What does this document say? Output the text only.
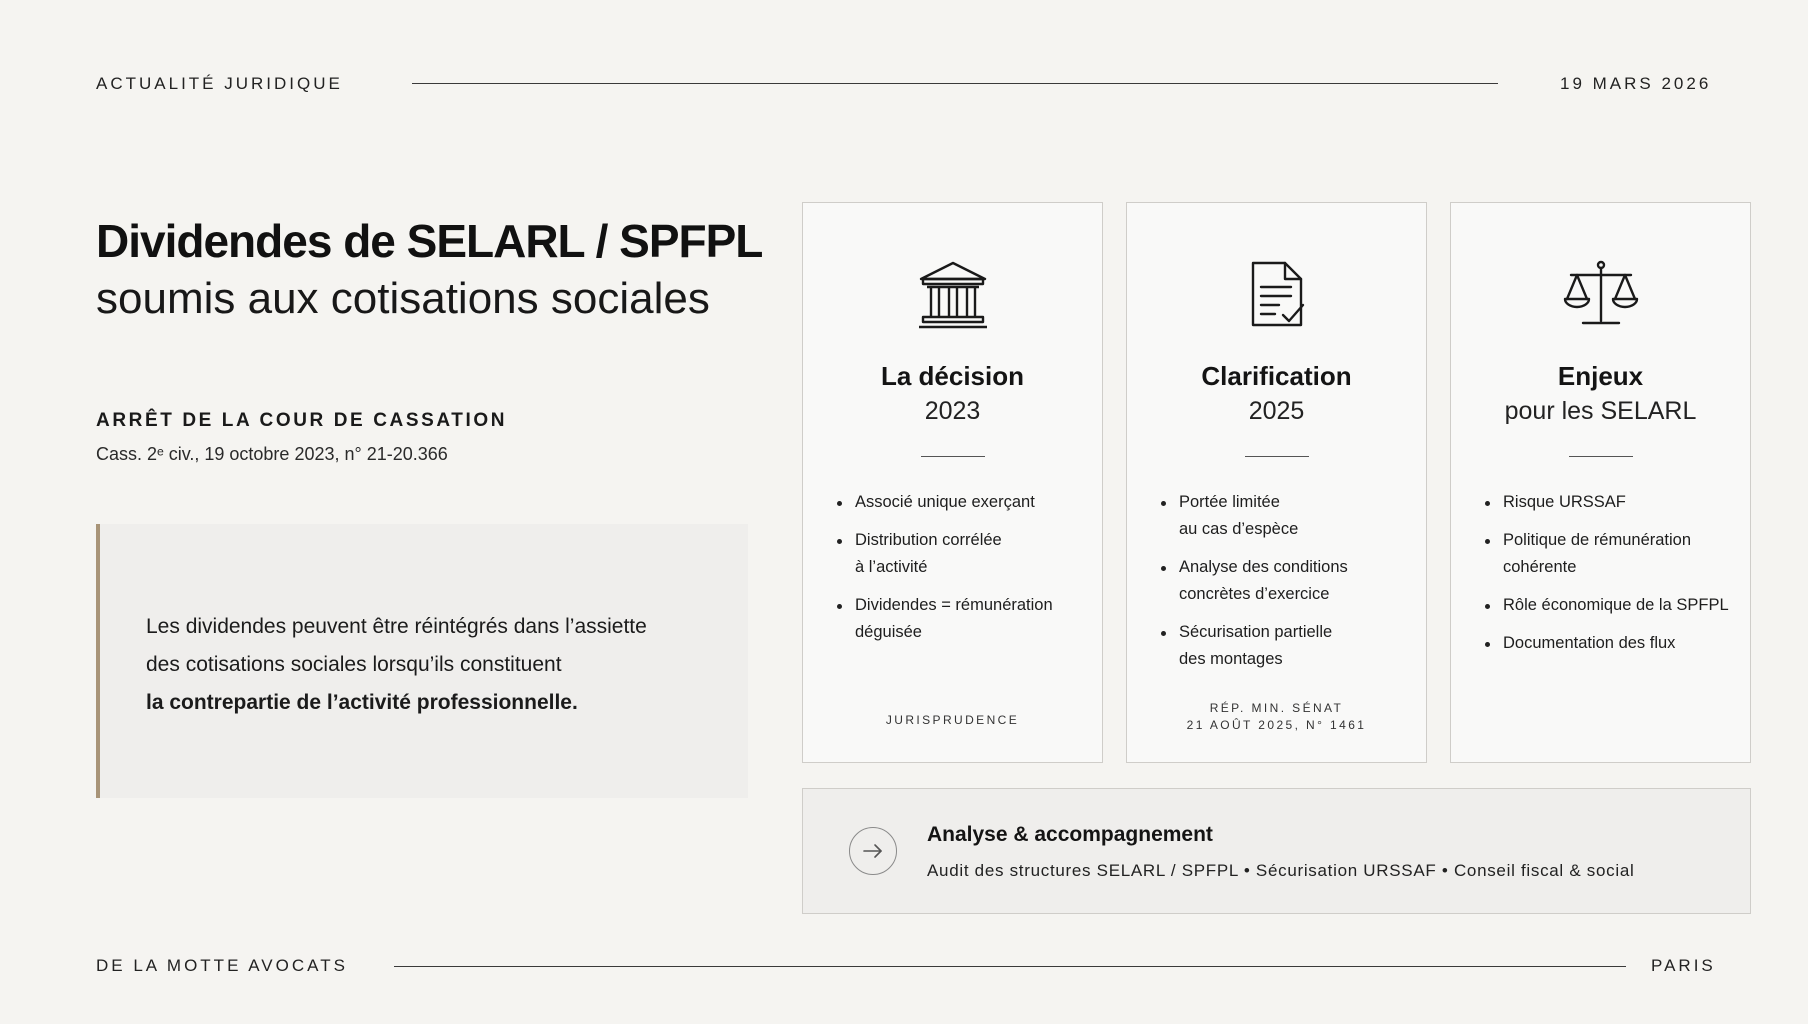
ACTUALITÉ JURIDIQUE	19 MARS 2026
Dividendes de SELARL / SPFPL
soumis aux cotisations sociales
ARRÊT DE LA COUR DE CASSATION
Cass. 2ᵉ civ., 19 octobre 2023, n° 21-20.366

Les dividendes peuvent être réintégrés dans l’assiette

des cotisations sociales lorsqu’ils constituent

la contrepartie de l’activité professionnelle.

La décision
2023
Associé unique exerçant
Distribution corrélée
à l’activité
Dividendes = rémunération
déguisée
JURISPRUDENCE
Clarification
2025
Portée limitée
au cas d’espèce
Analyse des conditions
concrètes d’exercice
Sécurisation partielle
des montages
RÉP. MIN. SÉNAT
21 AOÛT 2025, N° 1461
Enjeux
pour les SELARL
Risque URSSAF
Politique de rémunération
cohérente
Rôle économique de la SPFPL
Documentation des flux
Analyse & accompagnement
Audit des structures SELARL / SPFPL • Sécurisation URSSAF • Conseil fiscal & social
DE LA MOTTE AVOCATS	PARIS
